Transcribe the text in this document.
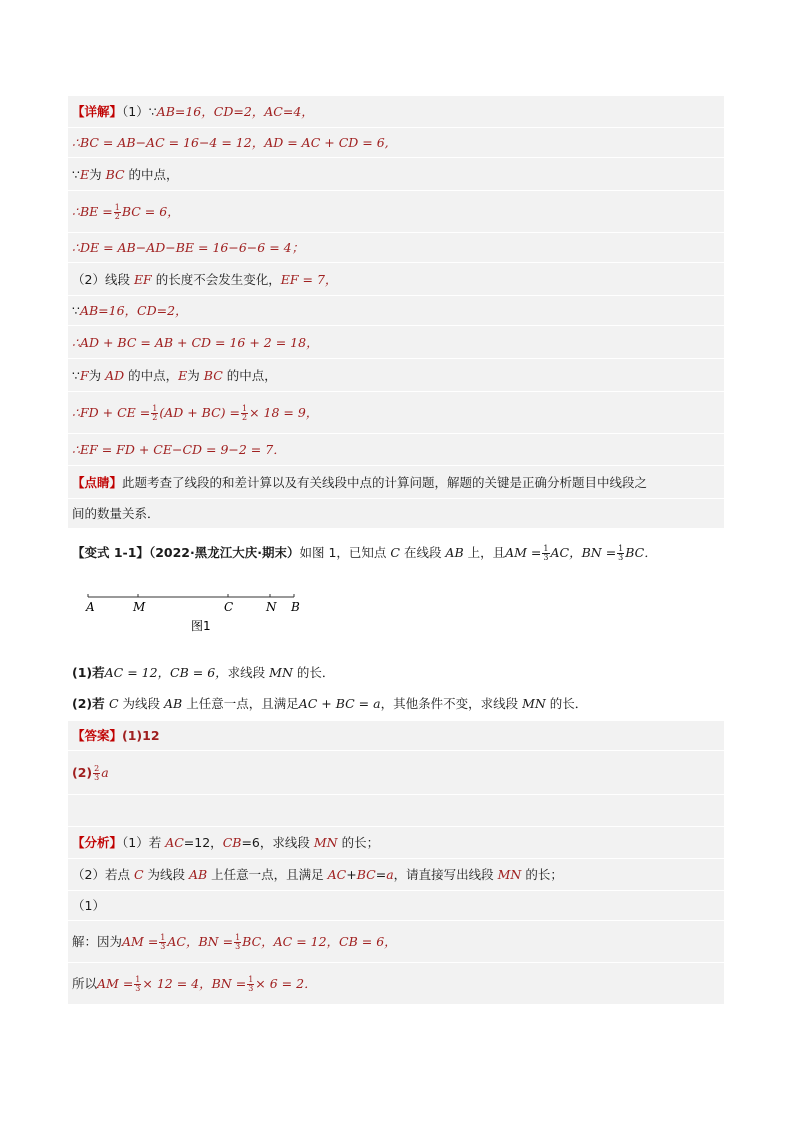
【详解】（1）∵AB=16，CD=2，AC=4，
∴BC = AB−AC = 16−4 = 12，AD = AC + CD = 6,
∵E为 BC 的中点，
∴BE = $\frac{1}{2}$ BC = 6，
∴DE = AB−AD−BE = 16−6−6 = 4；
（2）线段 EF 的长度不会发生变化，EF = 7，
∵AB=16，CD=2，
∴AD + BC = AB + CD = 16 + 2 = 18，
∵F为 AD 的中点，E为 BC 的中点，
∴FD + CE = $\frac{1}{2} (AD + BC) = \frac{1}{2} \times 18 = 9$，
∴EF = FD + CE−CD = 9−2 = 7．
【点睛】此题考查了线段的和差计算以及有关线段中点的计算问题，解题的关键是正确分析题目中线段之
间的数量关系．
【变式 1-1】（2022·黑龙江大庆·期末）如图 1，已知点 C 在线段 AB 上，且AM = $\frac{1}{3}$ AC，BN = $\frac{1}{3}$ BC．
A	M	C	N B
图1
(1)若AC = 12，CB = 6，求线段 MN 的长．
(2)若 C 为线段 AB 上任意一点，且满足AC + BC = a，其他条件不变，求线段 MN 的长．
【答案】(1)12
$(2) \frac{2}{3}$ a
【分析】（1）若 AC=12，CB=6，求线段 MN 的长；
（2）若点 C 为线段 AB 上任意一点，且满足 AC+BC=a，请直接写出线段 MN 的长；
（1）
解：因为AM = $\frac{1}{3}$ AC，BN = $\frac{1}{3}$ BC，AC = 12，CB = 6，
所以AM = $\frac{1}{3} \times 12 = 4$，BN = $\frac{1}{3} \times 6 = 2$．
